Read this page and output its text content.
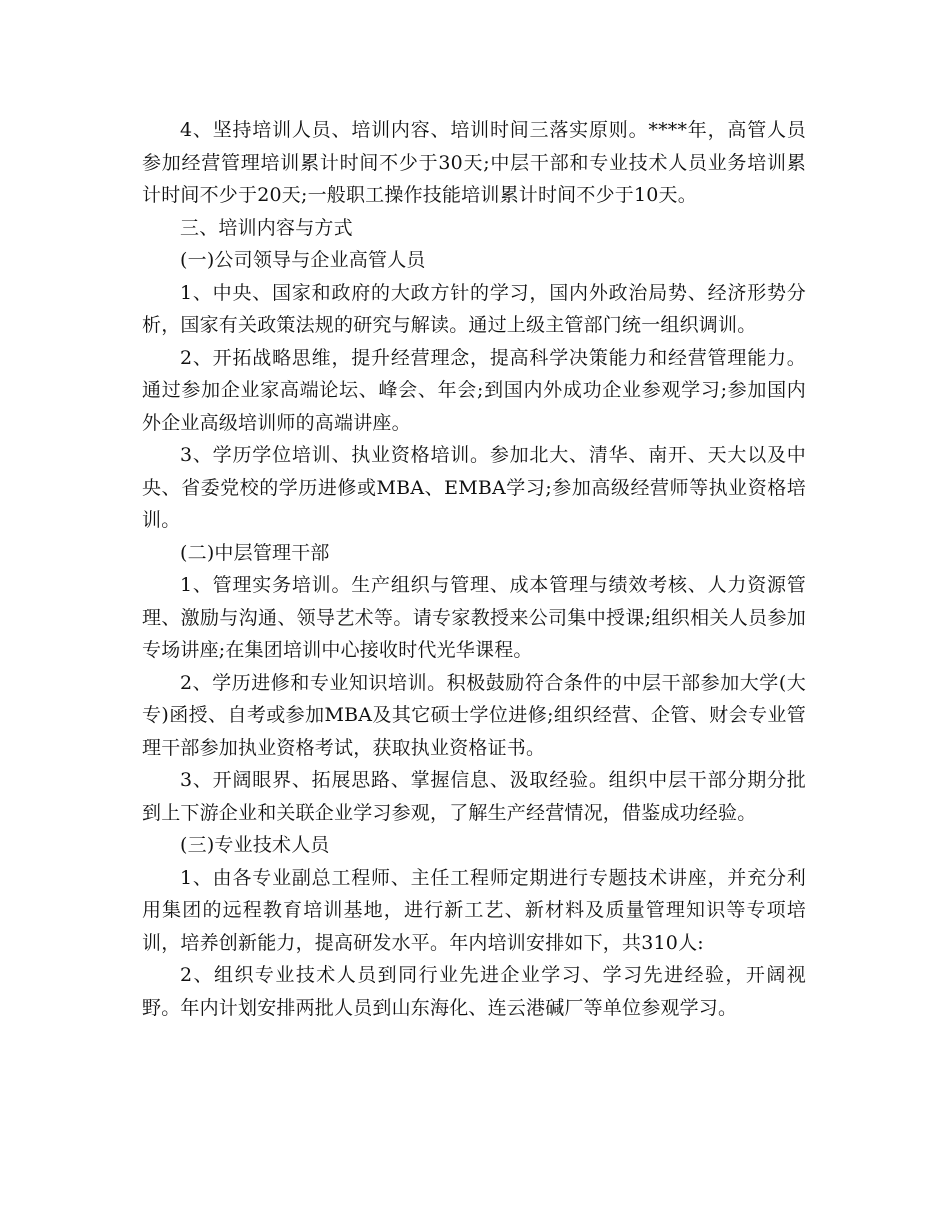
4、坚持培训人员、培训内容、培训时间三落实原则。****年，高管人员参加经营管理培训累计时间不少于30天;中层干部和专业技术人员业务培训累计时间不少于20天;一般职工操作技能培训累计时间不少于10天。

三、培训内容与方式

(一)公司领导与企业高管人员

1、中央、国家和政府的大政方针的学习，国内外政治局势、经济形势分析，国家有关政策法规的研究与解读。通过上级主管部门统一组织调训。

2、开拓战略思维，提升经营理念，提高科学决策能力和经营管理能力。通过参加企业家高端论坛、峰会、年会;到国内外成功企业参观学习;参加国内外企业高级培训师的高端讲座。

3、学历学位培训、执业资格培训。参加北大、清华、南开、天大以及中央、省委党校的学历进修或MBA、EMBA学习;参加高级经营师等执业资格培训。

(二)中层管理干部

1、管理实务培训。生产组织与管理、成本管理与绩效考核、人力资源管理、激励与沟通、领导艺术等。请专家教授来公司集中授课;组织相关人员参加专场讲座;在集团培训中心接收时代光华课程。

2、学历进修和专业知识培训。积极鼓励符合条件的中层干部参加大学(大专)函授、自考或参加MBA及其它硕士学位进修;组织经营、企管、财会专业管理干部参加执业资格考试，获取执业资格证书。

3、开阔眼界、拓展思路、掌握信息、汲取经验。组织中层干部分期分批到上下游企业和关联企业学习参观，了解生产经营情况，借鉴成功经验。

(三)专业技术人员

1、由各专业副总工程师、主任工程师定期进行专题技术讲座，并充分利用集团的远程教育培训基地，进行新工艺、新材料及质量管理知识等专项培训，培养创新能力，提高研发水平。年内培训安排如下，共310人:

2、组织专业技术人员到同行业先进企业学习、学习先进经验，开阔视野。年内计划安排两批人员到山东海化、连云港碱厂等单位参观学习。
